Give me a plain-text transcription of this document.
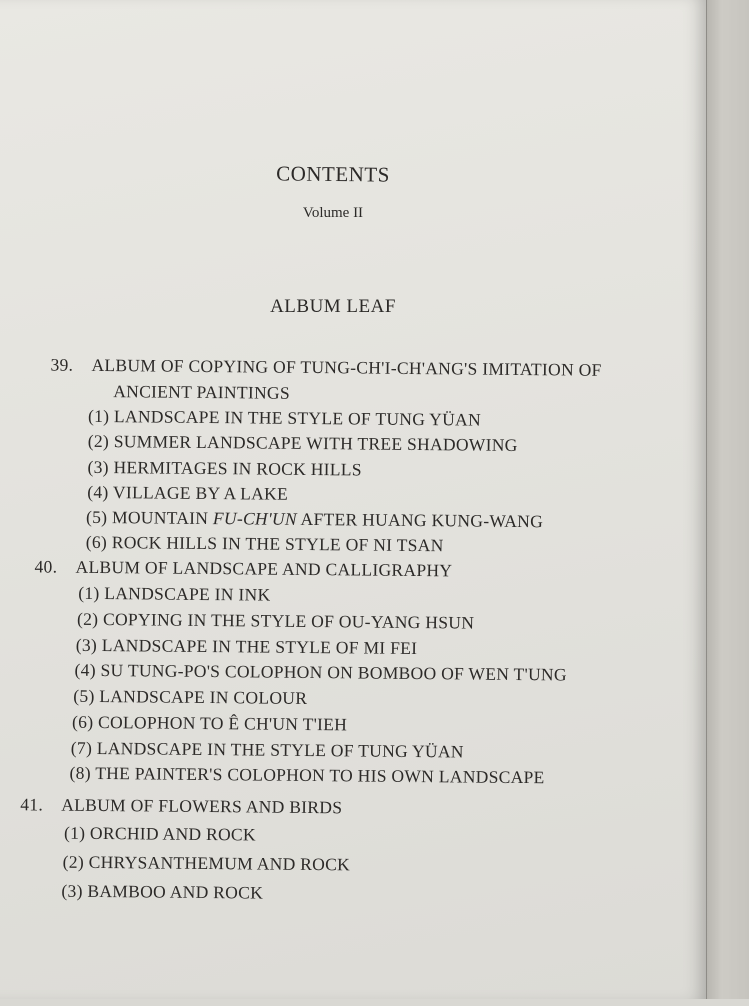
CONTENTS
Volume II
ALBUM LEAF
39. ALBUM OF COPYING OF TUNG-CH'I-CH'ANG'S IMITATION OF
ANCIENT PAINTINGS
(1) LANDSCAPE IN THE STYLE OF TUNG YÜAN
(2) SUMMER LANDSCAPE WITH TREE SHADOWING
(3) HERMITAGES IN ROCK HILLS
(4) VILLAGE BY A LAKE
(5) MOUNTAIN FU-CH'UN AFTER HUANG KUNG-WANG
(6) ROCK HILLS IN THE STYLE OF NI TSAN
40. ALBUM OF LANDSCAPE AND CALLIGRAPHY
(1) LANDSCAPE IN INK
(2) COPYING IN THE STYLE OF OU-YANG HSUN
(3) LANDSCAPE IN THE STYLE OF MI FEI
(4) SU TUNG-PO'S COLOPHON ON BOMBOO OF WEN T'UNG
(5) LANDSCAPE IN COLOUR
(6) COLOPHON TO Ê CH'UN T'IEH
(7) LANDSCAPE IN THE STYLE OF TUNG YÜAN
(8) THE PAINTER'S COLOPHON TO HIS OWN LANDSCAPE
41. ALBUM OF FLOWERS AND BIRDS
(1) ORCHID AND ROCK
(2) CHRYSANTHEMUM AND ROCK
(3) BAMBOO AND ROCK
